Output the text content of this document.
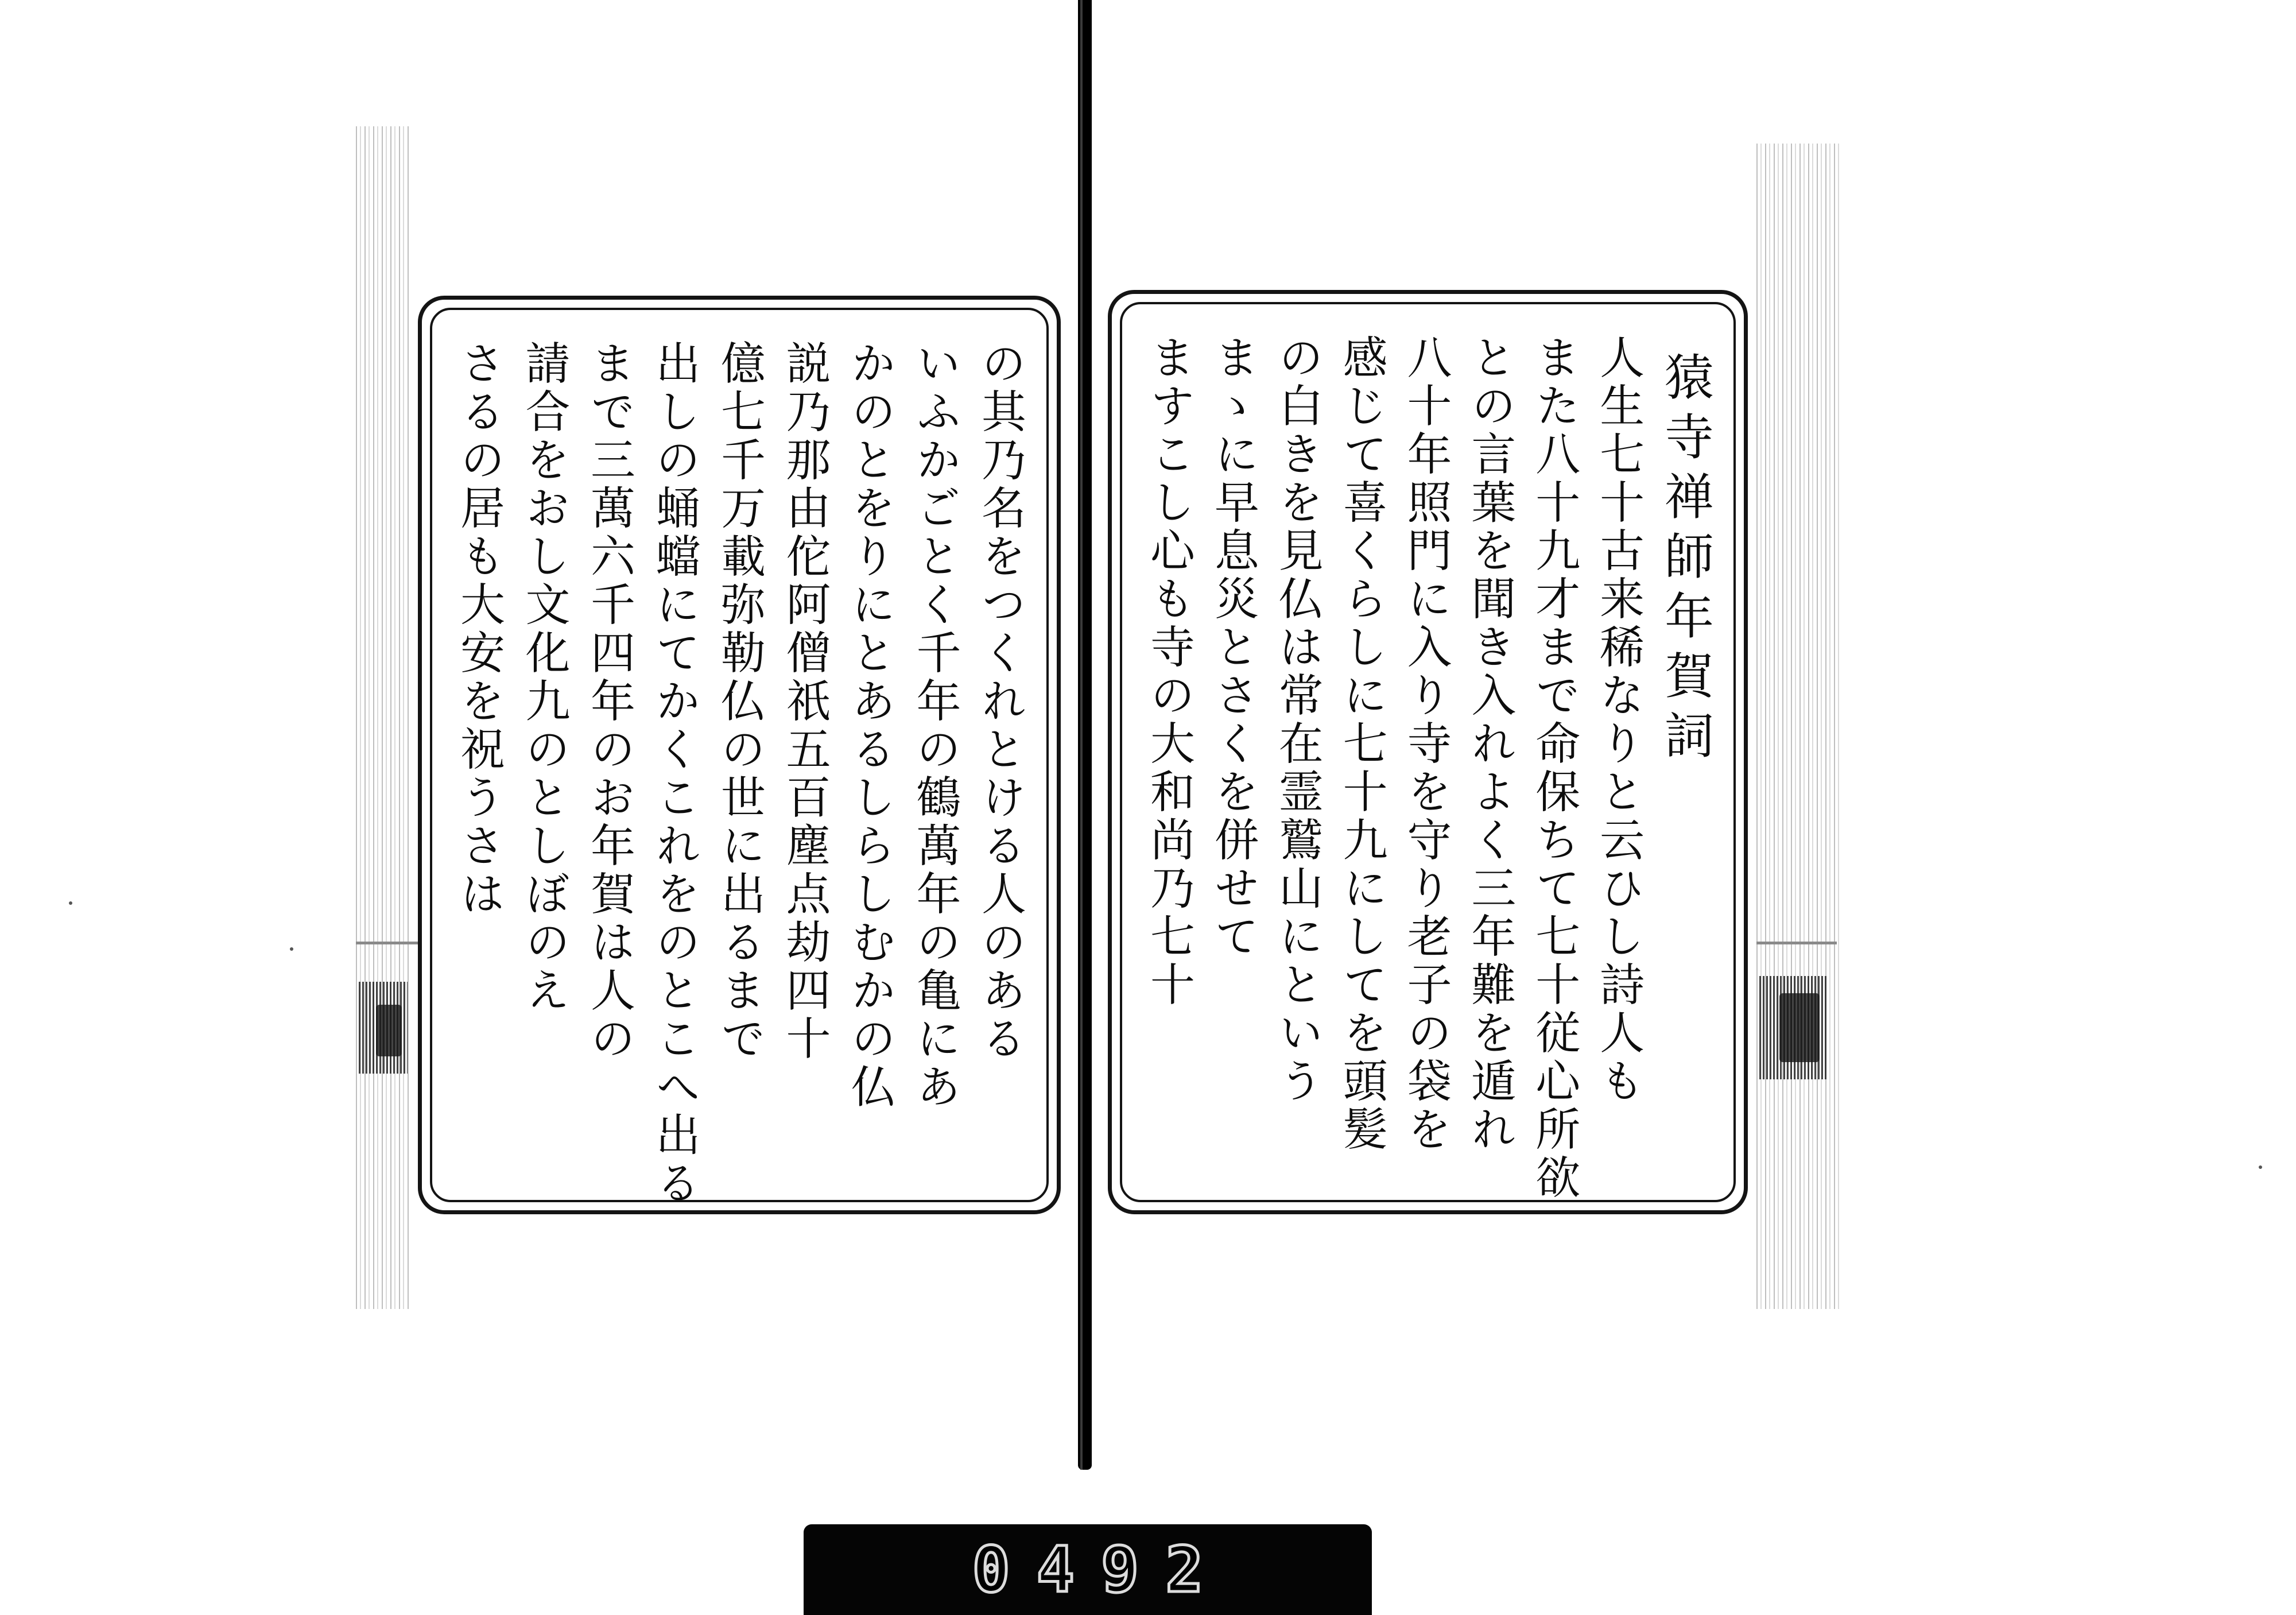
猿寺禅師年賀詞
人生七十古来稀なりと云ひし詩人も
また八十九才まで命保ちて七十従心所欲
との言葉を聞き入れよく三年難を遁れ
八十年照門に入り寺を守り老子の袋を
感じて喜くらしに七十九にしてを頭髪
の白きを見仏は常在霊鷲山にという
まゝに早息災とさくを併せて
ますこし心も寺の大和尚乃七十
の其乃名をつくれとける人のある
いふかごとく千年の鶴萬年の亀にあ
かのとをりにとあるしらしむかの仏
説乃那由佗阿僧祇五百塵点劫四十
億七千万載弥勒仏の世に出るまで
出しの蛹蟷にてかくこれをのとこへ出る
まで三萬六千四年のお年賀は人の
請合をおし文化九のとしぼのえ
さるの居も大安を祝うさは
0492
